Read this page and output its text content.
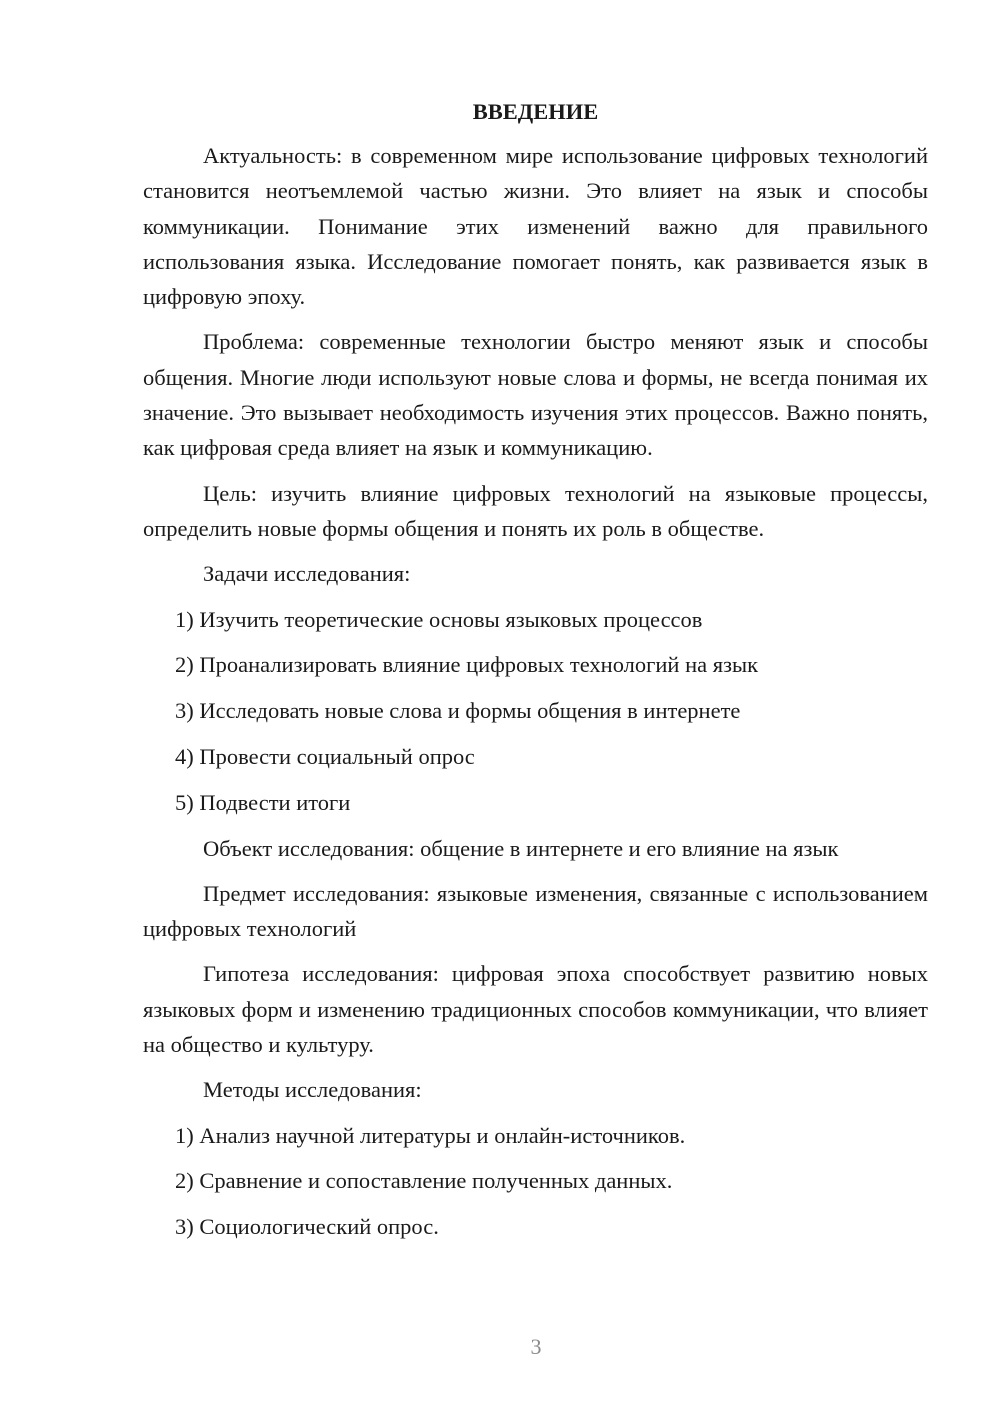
ВВЕДЕНИЕ

Актуальность: в современном мире использование цифровых технологий становится неотъемлемой частью жизни. Это влияет на язык и способы коммуникации. Понимание этих изменений важно для правильного использования языка. Исследование помогает понять, как развивается язык в цифровую эпоху.

Проблема: современные технологии быстро меняют язык и способы общения. Многие люди используют новые слова и формы, не всегда понимая их значение. Это вызывает необходимость изучения этих процессов. Важно понять, как цифровая среда влияет на язык и коммуникацию.

Цель: изучить влияние цифровых технологий на языковые процессы, определить новые формы общения и понять их роль в обществе.

Задачи исследования:

1) Изучить теоретические основы языковых процессов

2) Проанализировать влияние цифровых технологий на язык

3) Исследовать новые слова и формы общения в интернете

4) Провести социальный опрос

5) Подвести итоги

Объект исследования: общение в интернете и его влияние на язык

Предмет исследования: языковые изменения, связанные с использованием цифровых технологий

Гипотеза исследования: цифровая эпоха способствует развитию новых языковых форм и изменению традиционных способов коммуникации, что влияет на общество и культуру.

Методы исследования:

1) Анализ научной литературы и онлайн-источников.

2) Сравнение и сопоставление полученных данных.

3) Социологический опрос.

3
